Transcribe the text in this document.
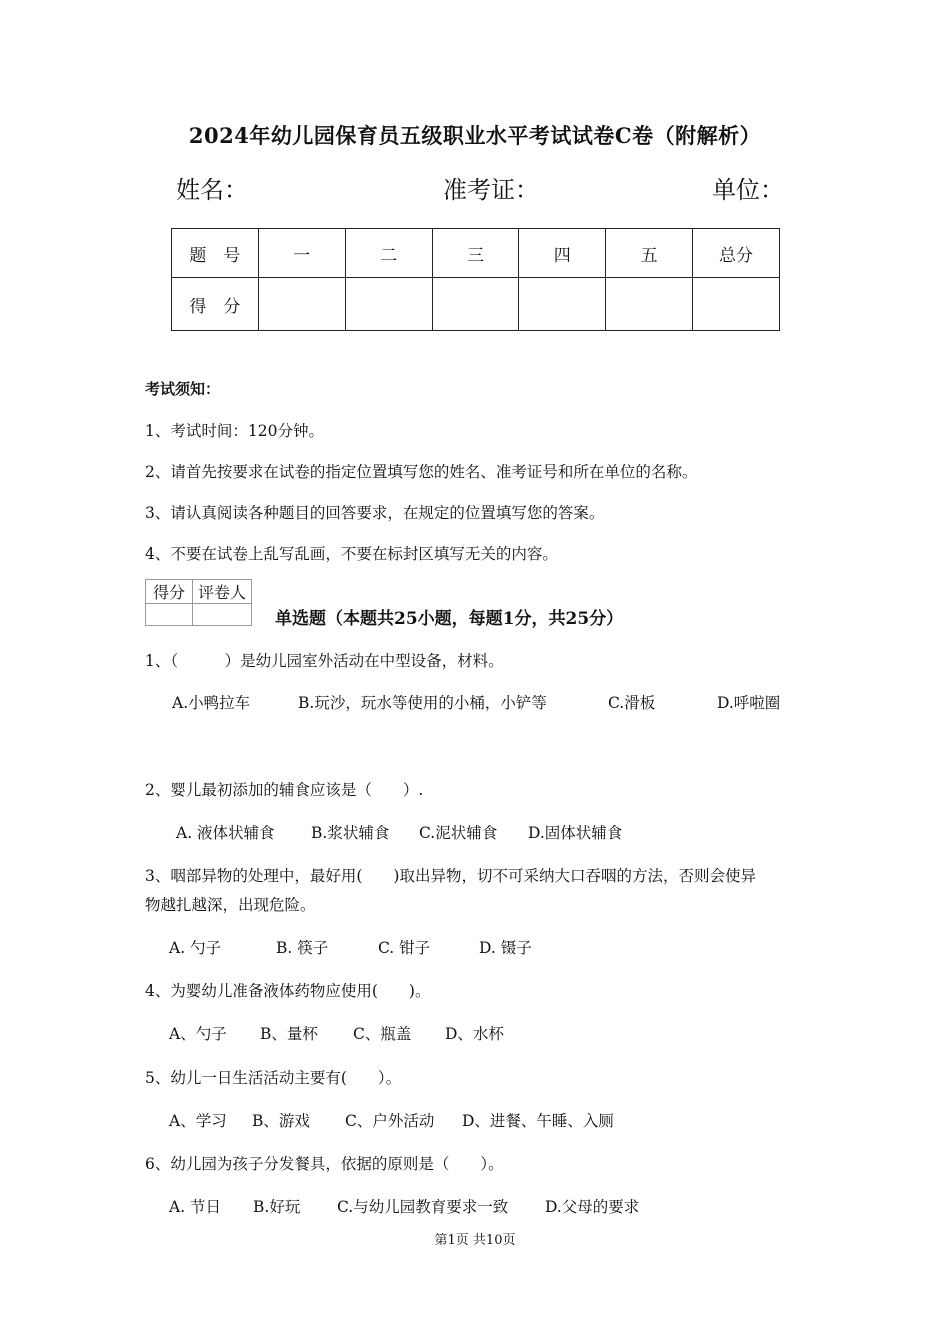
2024年幼儿园保育员五级职业水平考试试卷C卷（附解析）
姓名：	准考证：	单位：
题　号	一	二	三	四	五	总分
得　分						
考试须知：
1、考试时间：120分钟。
2、请首先按要求在试卷的指定位置填写您的姓名、准考证号和所在单位的名称。
3、请认真阅读各种题目的回答要求，在规定的位置填写您的答案。
4、不要在试卷上乱写乱画，不要在标封区填写无关的内容。
得分	评卷人

单选题（本题共25小题，每题1分，共25分）
1、（　　　）是幼儿园室外活动在中型设备，材料。
A.小鸭拉车	B.玩沙，玩水等使用的小桶，小铲等	C.滑板	D.呼啦圈
2、婴儿最初添加的辅食应该是（　　）.
A. 液体状辅食 B.浆状辅食 C.泥状辅食 D.固体状辅食
3、咽部异物的处理中，最好用(　　)取出异物，切不可采纳大口吞咽的方法，否则会使异
物越扎越深，出现危险。
A. 勺子	B. 筷子	C. 钳子	D. 镊子
4、为婴幼儿准备液体药物应使用(　　)。
A、勺子 B、量杯 C、瓶盖 D、水杯
5、幼儿一日生活活动主要有(　　）。
A、学习 B、游戏 C、户外活动 D、进餐、午睡、入厕
6、幼儿园为孩子分发餐具，依据的原则是（　　）。
A. 节日 B.好玩 C.与幼儿园教育要求一致 D.父母的要求
第1页 共10页
